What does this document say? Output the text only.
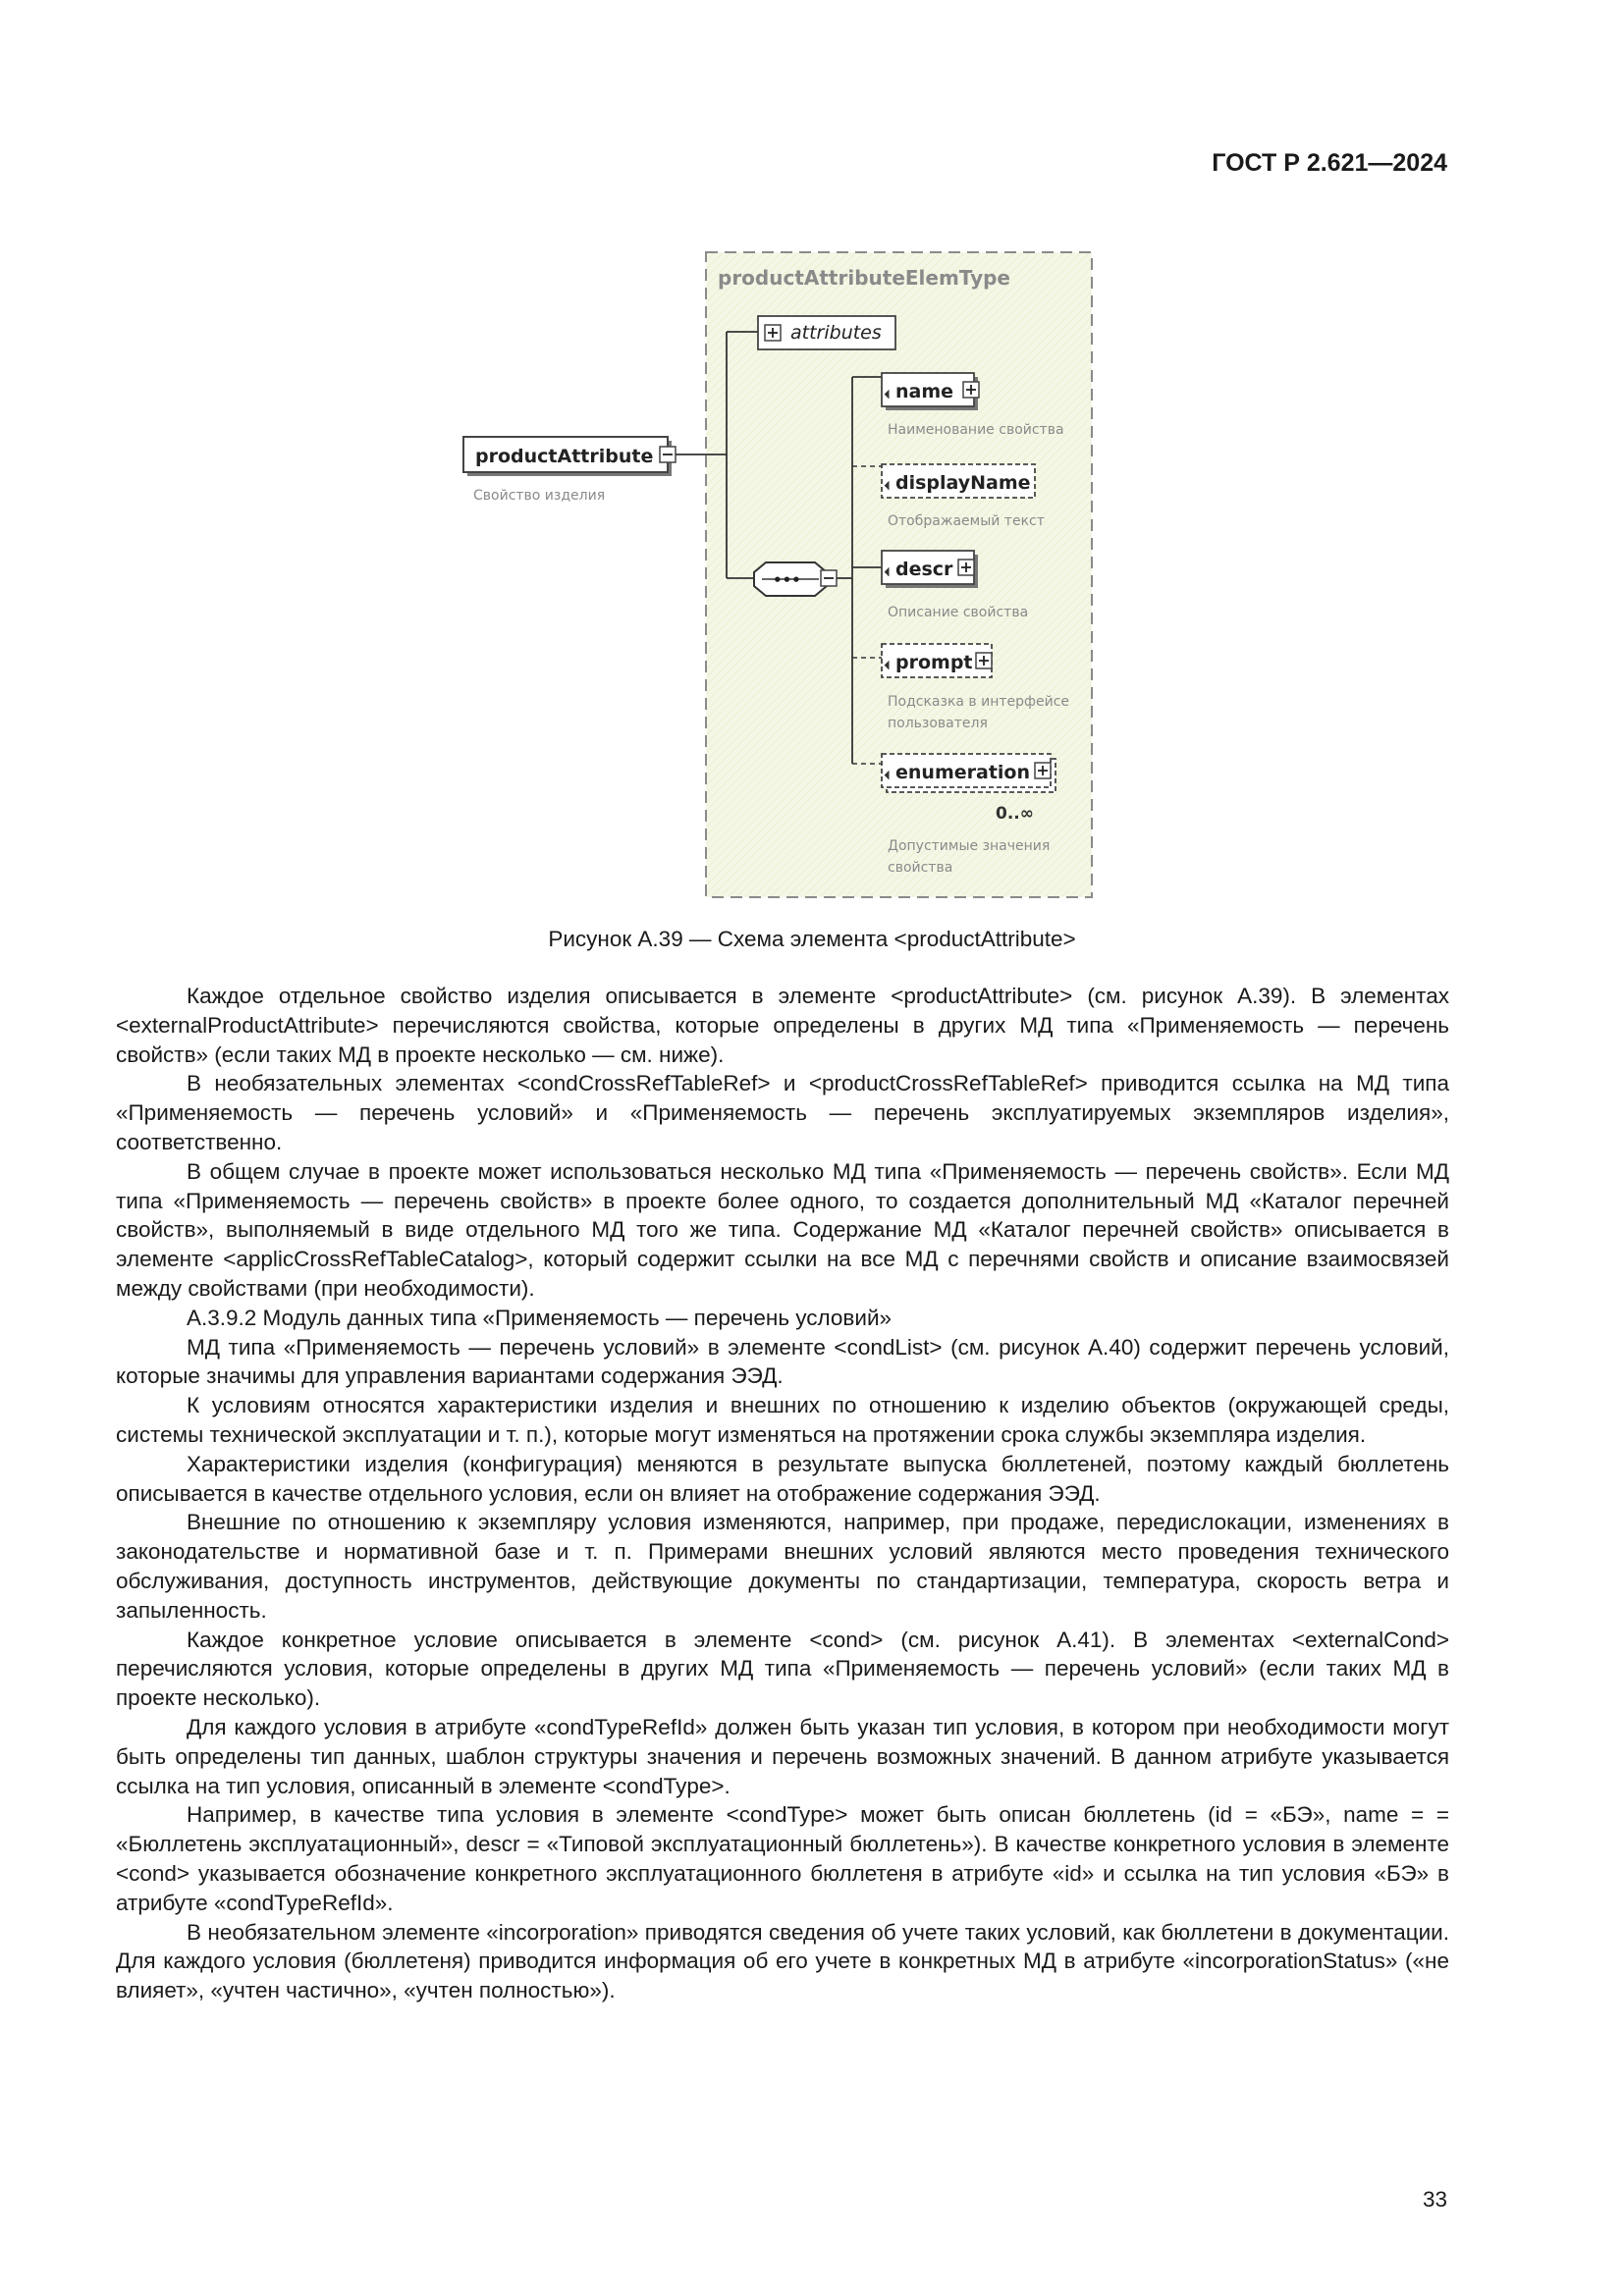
ГОСТ Р 2.621—2024
productAttributeElemType
productAttribute
Свойство изделия
attributes
•••
name
Наименование свойства
displayName
Отображаемый текст
descr
Описание свойства
prompt
Подсказка в интерфейсе
пользователя
enumeration
0..∞
Допустимые значения
свойства
Рисунок А.39 — Схема элемента <productAttribute>

Каждое отдельное свойство изделия описывается в элементе <productAttribute> (см. рисунок А.39). В элементах <externalProductAttribute> перечисляются свойства, которые определены в других МД типа «Применяемость — перечень свойств» (если таких МД в проекте несколько — см. ниже).

В необязательных элементах <condCrossRefTableRef> и <productCrossRefTableRef> приводится ссылка на МД типа «Применяемость — перечень условий» и «Применяемость — перечень эксплуатируемых экземпляров изделия», соответственно.

В общем случае в проекте может использоваться несколько МД типа «Применяемость — перечень свойств». Если МД типа «Применяемость — перечень свойств» в проекте более одного, то создается дополнительный МД «Каталог перечней свойств», выполняемый в виде отдельного МД того же типа. Содержание МД «Каталог перечней свойств» описывается в элементе <applicCrossRefTableCatalog>, который содержит ссылки на все МД с перечнями свойств и описание взаимосвязей между свойствами (при необходимости).

А.3.9.2 Модуль данных типа «Применяемость — перечень условий»

МД типа «Применяемость — перечень условий» в элементе <condList> (см. рисунок А.40) содержит перечень условий, которые значимы для управления вариантами содержания ЭЭД.

К условиям относятся характеристики изделия и внешних по отношению к изделию объектов (окружающей среды, системы технической эксплуатации и т. п.), которые могут изменяться на протяжении срока службы экземпляра изделия.

Характеристики изделия (конфигурация) меняются в результате выпуска бюллетеней, поэтому каждый бюллетень описывается в качестве отдельного условия, если он влияет на отображение содержания ЭЭД.

Внешние по отношению к экземпляру условия изменяются, например, при продаже, передислокации, изменениях в законодательстве и нормативной базе и т. п. Примерами внешних условий являются место проведения технического обслуживания, доступность инструментов, действующие документы по стандартизации, температура, скорость ветра и запыленность.

Каждое конкретное условие описывается в элементе <cond> (см. рисунок А.41). В элементах <externalCond> перечисляются условия, которые определены в других МД типа «Применяемость — перечень условий» (если таких МД в проекте несколько).

Для каждого условия в атрибуте «condTypeRefId» должен быть указан тип условия, в котором при необходимости могут быть определены тип данных, шаблон структуры значения и перечень возможных значений. В данном атрибуте указывается ссылка на тип условия, описанный в элементе <condType>.

Например, в качестве типа условия в элементе <condType> может быть описан бюллетень (id = «БЭ», name = = «Бюллетень эксплуатационный», descr = «Типовой эксплуатационный бюллетень»). В качестве конкретного условия в элементе <cond> указывается обозначение конкретного эксплуатационного бюллетеня в атрибуте «id» и ссылка на тип условия «БЭ» в атрибуте «condTypeRefId».

В необязательном элементе «incorporation» приводятся сведения об учете таких условий, как бюллетени в документации. Для каждого условия (бюллетеня) приводится информация об его учете в конкретных МД в атрибуте «incorporationStatus» («не влияет», «учтен частично», «учтен полностью»).

33
